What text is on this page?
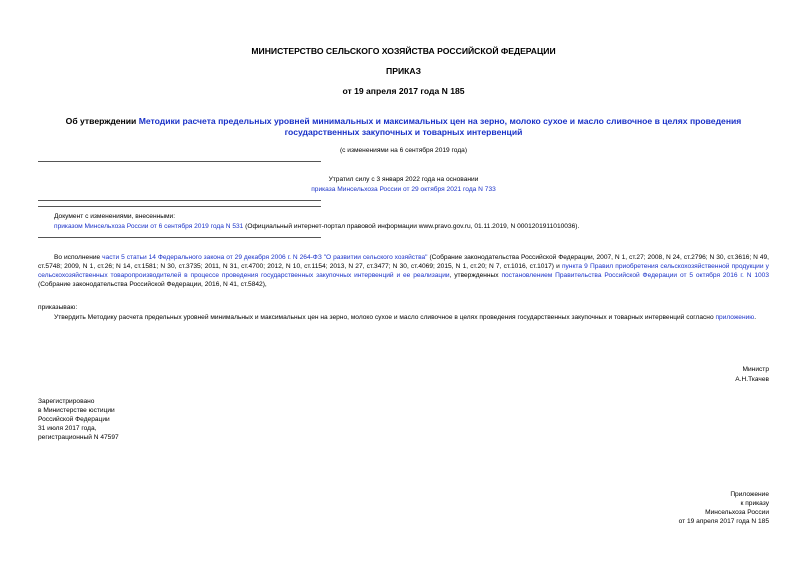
МИНИСТЕРСТВО СЕЛЬСКОГО ХОЗЯЙСТВА РОССИЙСКОЙ ФЕДЕРАЦИИ
ПРИКАЗ
от 19 апреля 2017 года N 185
Об утверждении Методики расчета предельных уровней минимальных и максимальных цен на зерно, молоко сухое и масло сливочное в целях проведения государственных закупочных и товарных интервенций
(с изменениями на 6 сентября 2019 года)
Утратил силу с 3 января 2022 года на основании
приказа Минсельхоза России от 29 октября 2021 года N 733
Документ с изменениями, внесенными:
приказом Минсельхоза России от 6 сентября 2019 года N 531 (Официальный интернет-портал правовой информации www.pravo.gov.ru, 01.11.2019, N 0001201911010036).
Во исполнение части 5 статьи 14 Федерального закона от 29 декабря 2006 г. N 264-ФЗ "О развитии сельского хозяйства" (Собрание законодательства Российской Федерации, 2007, N 1, ст.27; 2008, N 24, ст.2796; N 30, ст.3616; N 49, ст.5748; 2009, N 1, ст.26; N 14, ст.1581; N 30, ст.3735; 2011, N 31, ст.4700; 2012, N 10, ст.1154; 2013, N 27, ст.3477; N 30, ст.4069; 2015, N 1, ст.20; N 7, ст.1016, ст.1017) и пункта 9 Правил приобретения сельскохозяйственной продукции у сельскохозяйственных товаропроизводителей в процессе проведения государственных закупочных интервенций и ее реализации, утвержденных постановлением Правительства Российской Федерации от 5 октября 2016 г. N 1003 (Собрание законодательства Российской Федерации, 2016, N 41, ст.5842),
приказываю:
Утвердить Методику расчета предельных уровней минимальных и максимальных цен на зерно, молоко сухое и масло сливочное в целях проведения государственных закупочных и товарных интервенций согласно приложению.
Министр
А.Н.Ткачев
Зарегистрировано
в Министерстве юстиции
Российской Федерации
31 июля 2017 года,
регистрационный N 47597
Приложение
к приказу
Минсельхоза России
от 19 апреля 2017 года N 185
